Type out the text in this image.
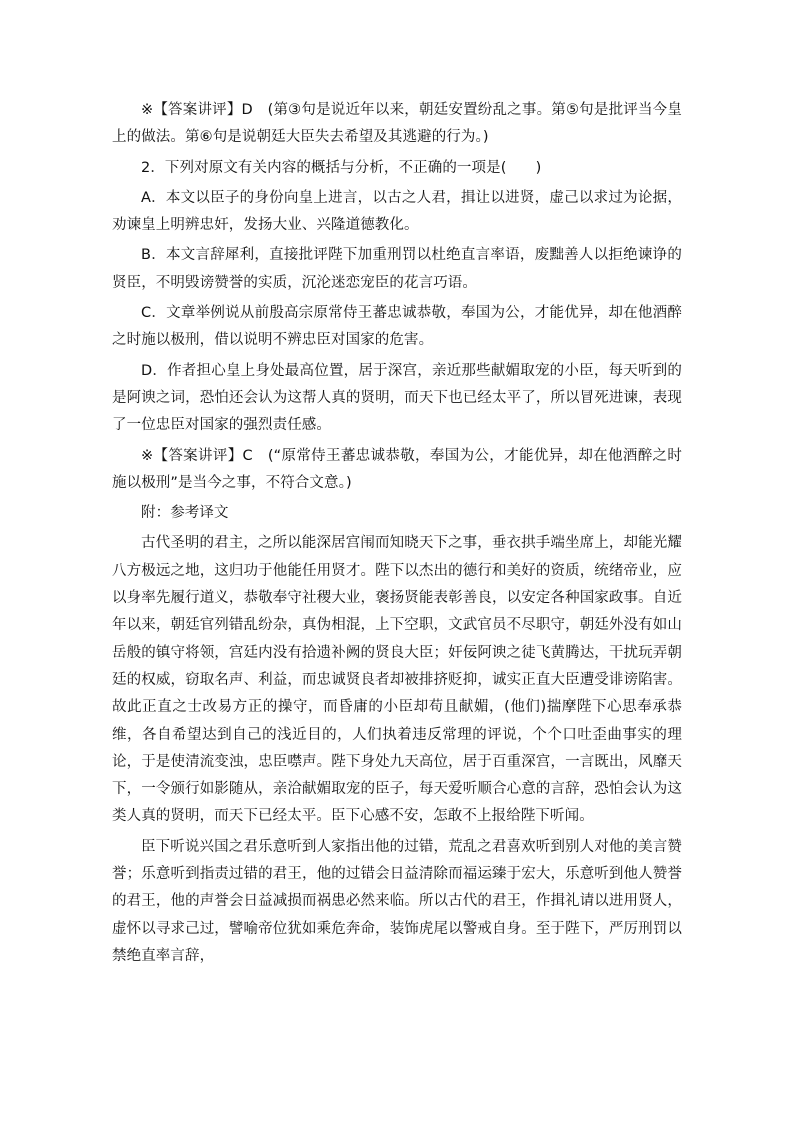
※【答案讲评】D　(第③句是说近年以来，朝廷安置纷乱之事。第⑤句是批评当今皇上的做法。第⑥句是说朝廷大臣失去希望及其逃避的行为。)

2．下列对原文有关内容的概括与分析，不正确的一项是(　　)

A．本文以臣子的身份向皇上进言，以古之人君，揖让以进贤，虚己以求过为论据，劝谏皇上明辨忠奸，发扬大业、兴隆道德教化。

B．本文言辞犀利，直接批评陛下加重刑罚以杜绝直言率语，废黜善人以拒绝谏诤的贤臣，不明毁谤赞誉的实质，沉沦迷恋宠臣的花言巧语。

C．文章举例说从前殷高宗原常侍王蕃忠诚恭敬，奉国为公，才能优异，却在他酒醉之时施以极刑，借以说明不辨忠臣对国家的危害。

D．作者担心皇上身处最高位置，居于深宫，亲近那些献媚取宠的小臣，每天听到的是阿谀之词，恐怕还会认为这帮人真的贤明，而天下也已经太平了，所以冒死进谏，表现了一位忠臣对国家的强烈责任感。

※【答案讲评】C　(“原常侍王蕃忠诚恭敬，奉国为公，才能优异，却在他酒醉之时施以极刑”是当今之事，不符合文意。)

附：参考译文

古代圣明的君主，之所以能深居宫闱而知晓天下之事，垂衣拱手端坐席上，却能光耀八方极远之地，这归功于他能任用贤才。陛下以杰出的德行和美好的资质，统绪帝业，应以身率先履行道义，恭敬奉守社稷大业，褒扬贤能表彰善良，以安定各种国家政事。自近年以来，朝廷官列错乱纷杂，真伪相混，上下空职，文武官员不尽职守，朝廷外没有如山岳般的镇守将领，宫廷内没有拾遗补阙的贤良大臣；奸佞阿谀之徒飞黄腾达，干扰玩弄朝廷的权威，窃取名声、利益，而忠诚贤良者却被排挤贬抑，诚实正直大臣遭受诽谤陷害。故此正直之士改易方正的操守，而昏庸的小臣却苟且献媚，(他们)揣摩陛下心思奉承恭维，各自希望达到自己的浅近目的，人们执着违反常理的评说，个个口吐歪曲事实的理论，于是使清流变浊，忠臣噤声。陛下身处九天高位，居于百重深宫，一言既出，风靡天下，一令颁行如影随从，亲洽献媚取宠的臣子，每天爱听顺合心意的言辞，恐怕会认为这类人真的贤明，而天下已经太平。臣下心感不安，怎敢不上报给陛下听闻。

臣下听说兴国之君乐意听到人家指出他的过错，荒乱之君喜欢听到别人对他的美言赞誉；乐意听到指责过错的君王，他的过错会日益清除而福运臻于宏大，乐意听到他人赞誉的君王，他的声誉会日益减损而祸患必然来临。所以古代的君王，作揖礼请以进用贤人，虚怀以寻求己过，譬喻帝位犹如乘危奔命，装饰虎尾以警戒自身。至于陛下，严厉刑罚以禁绝直率言辞，
